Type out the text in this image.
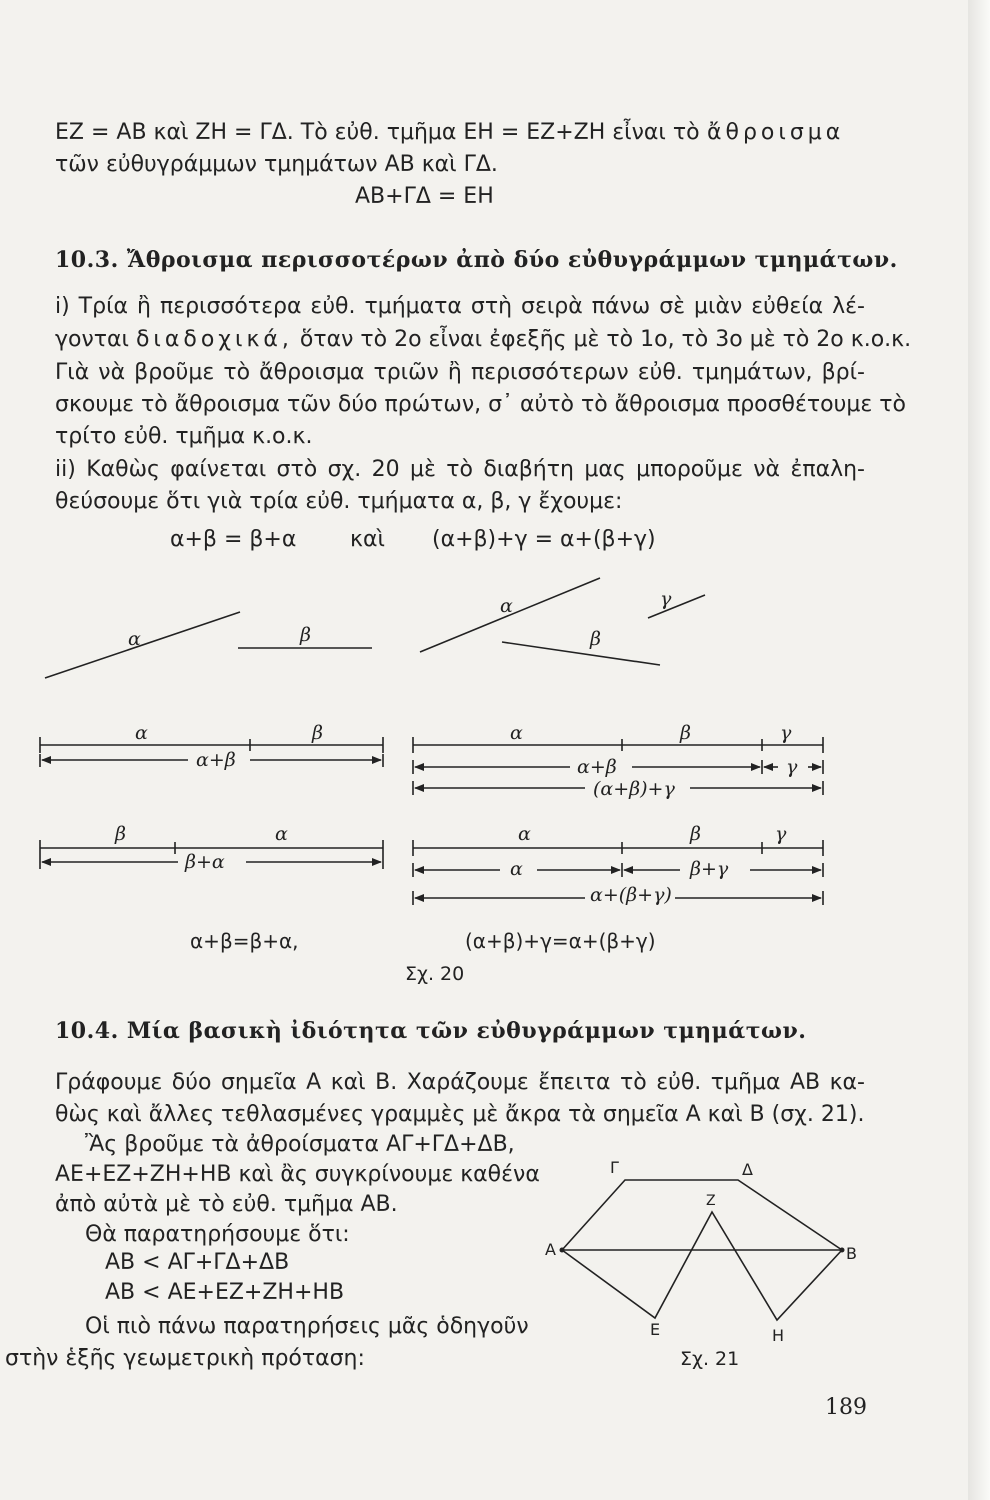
ΕΖ = ΑΒ καὶ ΖΗ = ΓΔ. Τὸ εὐθ. τμῆμα ΕΗ = ΕΖ+ΖΗ εἶναι τὸ ἄθροισμα
τῶν εὐθυγράμμων τμημάτων ΑΒ καὶ ΓΔ.
ΑΒ+ΓΔ = ΕΗ
10.3. Ἄθροισμα περισσοτέρων ἀπὸ δύο εὐθυγράμμων τμημάτων.
i) Τρία ἢ περισσότερα εὐθ. τμήματα στὴ σειρὰ πάνω σὲ μιὰν εὐθεία λέ-
γονται διαδοχικά, ὅταν τὸ 2ο εἶναι ἐφεξῆς μὲ τὸ 1ο, τὸ 3ο μὲ τὸ 2ο κ.ο.κ.
Γιὰ νὰ βροῦμε τὸ ἄθροισμα τριῶν ἢ περισσότερων εὐθ. τμημάτων, βρί-
σκουμε τὸ ἄθροισμα τῶν δύο πρώτων, σ᾽ αὐτὸ τὸ ἄθροισμα προσθέτουμε τὸ
τρίτο εὐθ. τμῆμα κ.ο.κ.
ii) Καθὼς φαίνεται στὸ σχ. 20 μὲ τὸ διαβήτη μας μποροῦμε νὰ ἐπαλη-
θεύσουμε ὅτι γιὰ τρία εὐθ. τμήματα α, β, γ ἔχουμε:
α+β = β+α καὶ (α+β)+γ = α+(β+γ)
α	β
α
β
γ
α	β
α+β
α	β	γ
α+β	γ
(α+β)+γ
β	α
β+α
α	β	γ
α	β+γ
α+(β+γ)
α+β=β+α,	(α+β)+γ=α+(β+γ)
Σχ. 20
10.4. Μία βασικὴ ἰδιότητα τῶν εὐθυγράμμων τμημάτων.
Γράφουμε δύο σημεῖα Α καὶ Β. Χαράζουμε ἔπειτα τὸ εὐθ. τμῆμα ΑΒ κα-
θὼς καὶ ἄλλες τεθλασμένες γραμμὲς μὲ ἄκρα τὰ σημεῖα Α καὶ Β (σχ. 21).
Ἂς βροῦμε τὰ ἀθροίσματα ΑΓ+ΓΔ+ΔΒ,
ΑΕ+ΕΖ+ΖΗ+ΗΒ καὶ ἂς συγκρίνουμε καθένα
ἀπὸ αὐτὰ μὲ τὸ εὐθ. τμῆμα ΑΒ.
Θὰ παρατηρήσουμε ὅτι:
ΑΒ < ΑΓ+ΓΔ+ΔΒ
ΑΒ < ΑΕ+ΕΖ+ΖΗ+ΗΒ
Οἱ πιὸ πάνω παρατηρήσεις μᾶς ὁδηγοῦν
στὴν ἑξῆς γεωμετρικὴ πρόταση:
Α	Β
Γ	Δ
Ε
Ζ
Η
Σχ. 21
189
